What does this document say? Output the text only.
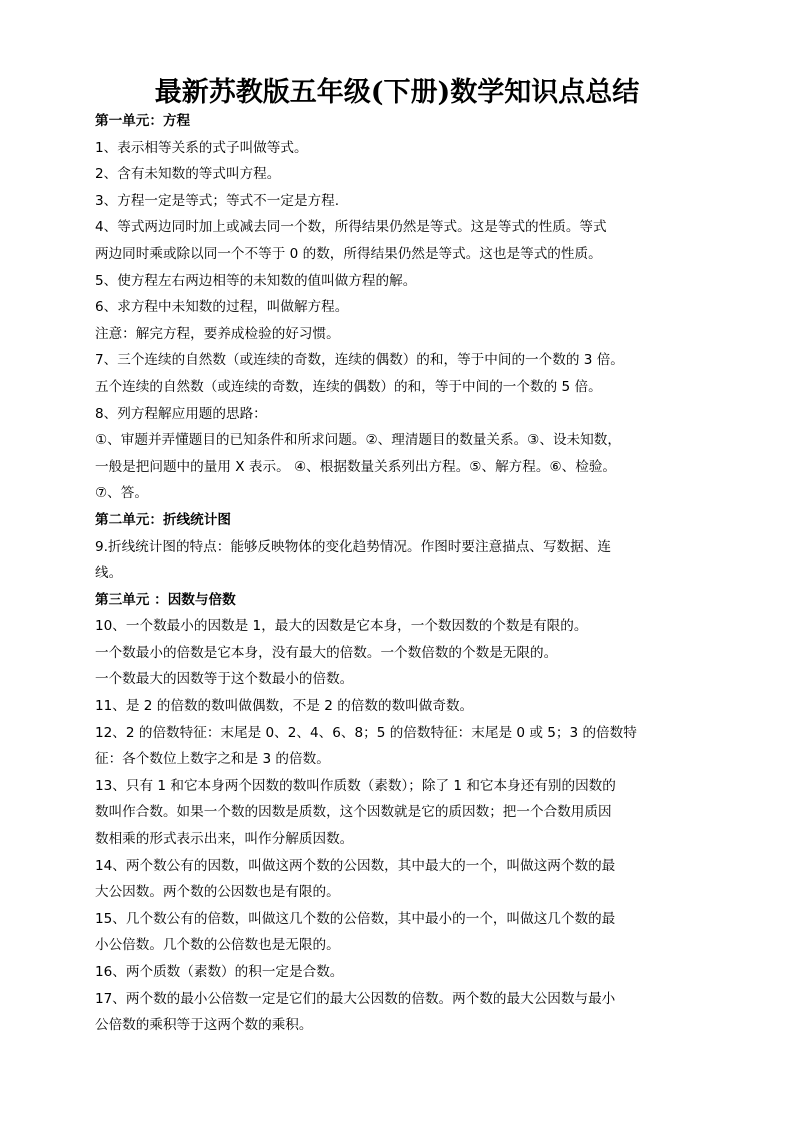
最新苏教版五年级(下册)数学知识点总结
第一单元：方程

1、表示相等关系的式子叫做等式。

2、含有未知数的等式叫方程。

3、方程一定是等式；等式不一定是方程.

4、等式两边同时加上或减去同一个数，所得结果仍然是等式。这是等式的性质。等式

两边同时乘或除以同一个不等于 0 的数，所得结果仍然是等式。这也是等式的性质。

5、使方程左右两边相等的未知数的值叫做方程的解。

6、求方程中未知数的过程，叫做解方程。

注意：解完方程，要养成检验的好习惯。

7、三个连续的自然数（或连续的奇数，连续的偶数）的和，等于中间的一个数的 3 倍。

五个连续的自然数（或连续的奇数，连续的偶数）的和，等于中间的一个数的 5 倍。

8、列方程解应用题的思路：

①、审题并弄懂题目的已知条件和所求问题。②、理清题目的数量关系。③、设未知数，

一般是把问题中的量用 X 表示。 ④、根据数量关系列出方程。⑤、解方程。⑥、检验。

⑦、答。

第二单元：折线统计图

9.折线统计图的特点：能够反映物体的变化趋势情况。作图时要注意描点、写数据、连

线。

第三单元 ：因数与倍数

10、一个数最小的因数是 1，最大的因数是它本身，一个数因数的个数是有限的。

一个数最小的倍数是它本身，没有最大的倍数。一个数倍数的个数是无限的。

一个数最大的因数等于这个数最小的倍数。

11、是 2 的倍数的数叫做偶数，不是 2 的倍数的数叫做奇数。

12、2 的倍数特征：末尾是 0、2、4、6、8；5 的倍数特征：末尾是 0 或 5；3 的倍数特

征：各个数位上数字之和是 3 的倍数。

13、只有 1 和它本身两个因数的数叫作质数（素数）；除了 1 和它本身还有别的因数的

数叫作合数。如果一个数的因数是质数，这个因数就是它的质因数；把一个合数用质因

数相乘的形式表示出来，叫作分解质因数。

14、两个数公有的因数，叫做这两个数的公因数，其中最大的一个，叫做这两个数的最

大公因数。两个数的公因数也是有限的。

15、几个数公有的倍数，叫做这几个数的公倍数，其中最小的一个，叫做这几个数的最

小公倍数。几个数的公倍数也是无限的。

16、两个质数（素数）的积一定是合数。

17、两个数的最小公倍数一定是它们的最大公因数的倍数。两个数的最大公因数与最小

公倍数的乘积等于这两个数的乘积。
